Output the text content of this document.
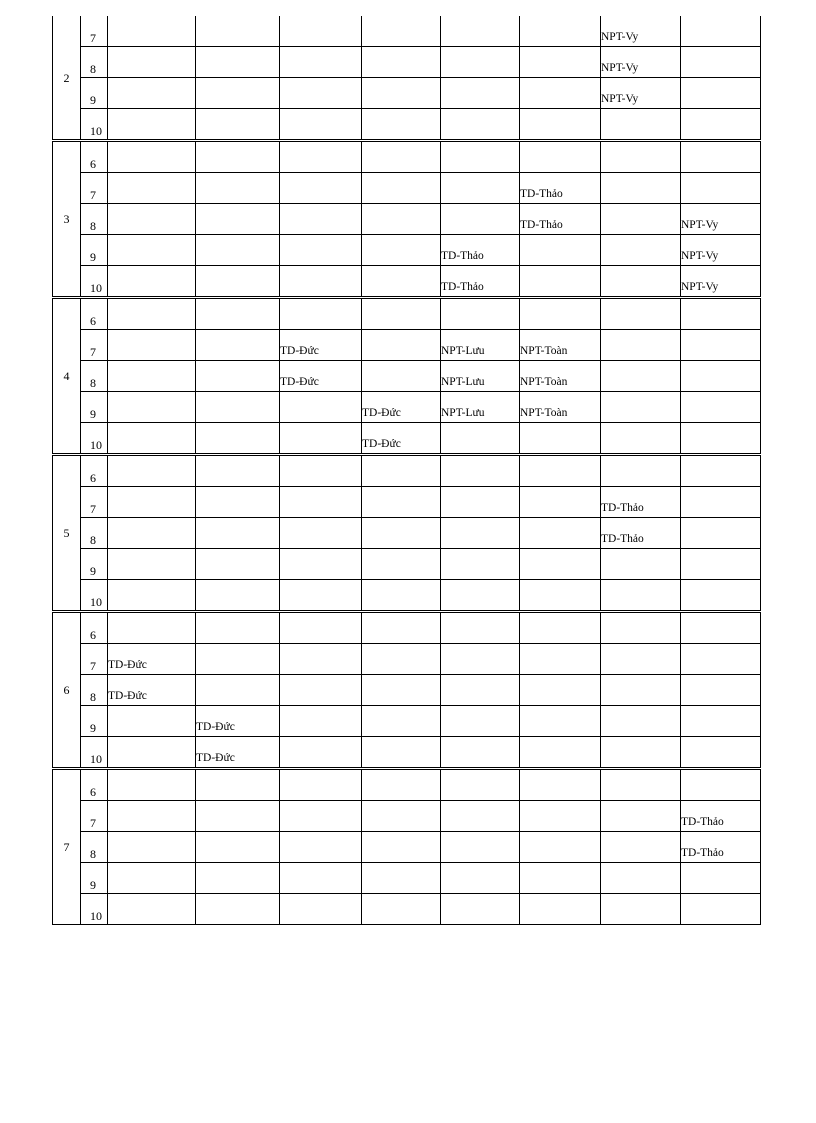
2	7							NPT-Vy	
	8							NPT-Vy	
	9							NPT-Vy	
	10								
3	6								
	7						TD-Thảo		
	8						TD-Thảo		NPT-Vy
	9					TD-Thảo			NPT-Vy
	10					TD-Thảo			NPT-Vy
4	6								
	7			TD-Đức		NPT-Lưu	NPT-Toàn		
	8			TD-Đức		NPT-Lưu	NPT-Toàn		
	9				TD-Đức	NPT-Lưu	NPT-Toàn		
	10				TD-Đức				
5	6								
	7							TD-Thảo	
	8							TD-Thảo	
	9								
	10								
6	6								
	7	TD-Đức							
	8	TD-Đức							
	9		TD-Đức						
	10		TD-Đức						
7	6								
	7								TD-Thảo
	8								TD-Thảo
	9								
	10								
